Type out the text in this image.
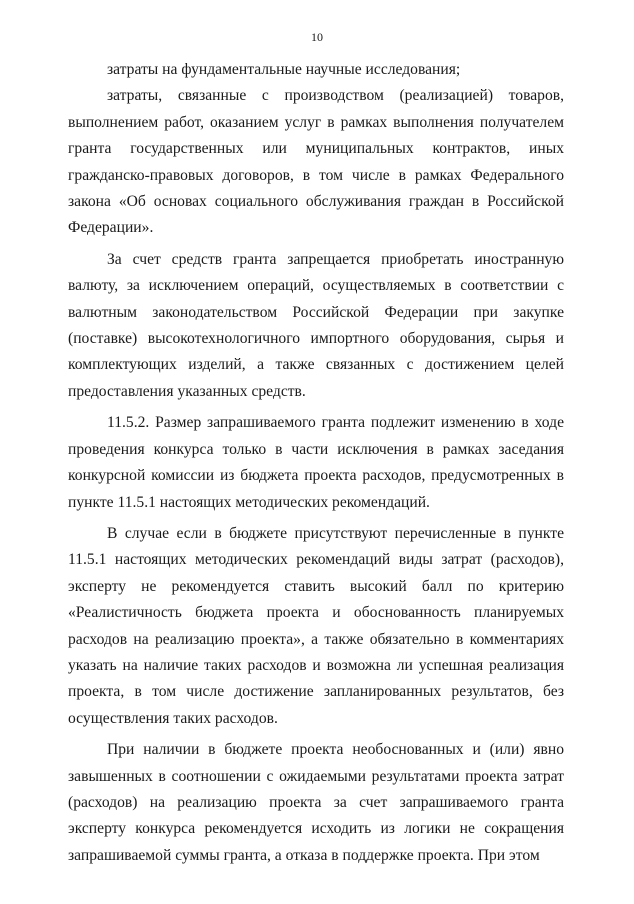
10

затраты на фундаментальные научные исследования;

затраты, связанные с производством (реализацией) товаров, выполнением работ, оказанием услуг в рамках выполнения получателем гранта государственных или муниципальных контрактов, иных гражданско-правовых договоров, в том числе в рамках Федерального закона «Об основах социального обслуживания граждан в Российской Федерации».

За счет средств гранта запрещается приобретать иностранную валюту, за исключением операций, осуществляемых в соответствии с валютным законодательством Российской Федерации при закупке (поставке) высокотехнологичного импортного оборудования, сырья и комплектующих изделий, а также связанных с достижением целей предоставления указанных средств.

11.5.2. Размер запрашиваемого гранта подлежит изменению в ходе проведения конкурса только в части исключения в рамках заседания конкурсной комиссии из бюджета проекта расходов, предусмотренных в пункте 11.5.1 настоящих методических рекомендаций.

В случае если в бюджете присутствуют перечисленные в пункте 11.5.1 настоящих методических рекомендаций виды затрат (расходов), эксперту не рекомендуется ставить высокий балл по критерию «Реалистичность бюджета проекта и обоснованность планируемых расходов на реализацию проекта», а также обязательно в комментариях указать на наличие таких расходов и возможна ли успешная реализация проекта, в том числе достижение запланированных результатов, без осуществления таких расходов.

При наличии в бюджете проекта необоснованных и (или) явно завышенных в соотношении с ожидаемыми результатами проекта затрат (расходов) на реализацию проекта за счет запрашиваемого гранта эксперту конкурса рекомендуется исходить из логики не сокращения запрашиваемой суммы гранта, а отказа в поддержке проекта. При этом
